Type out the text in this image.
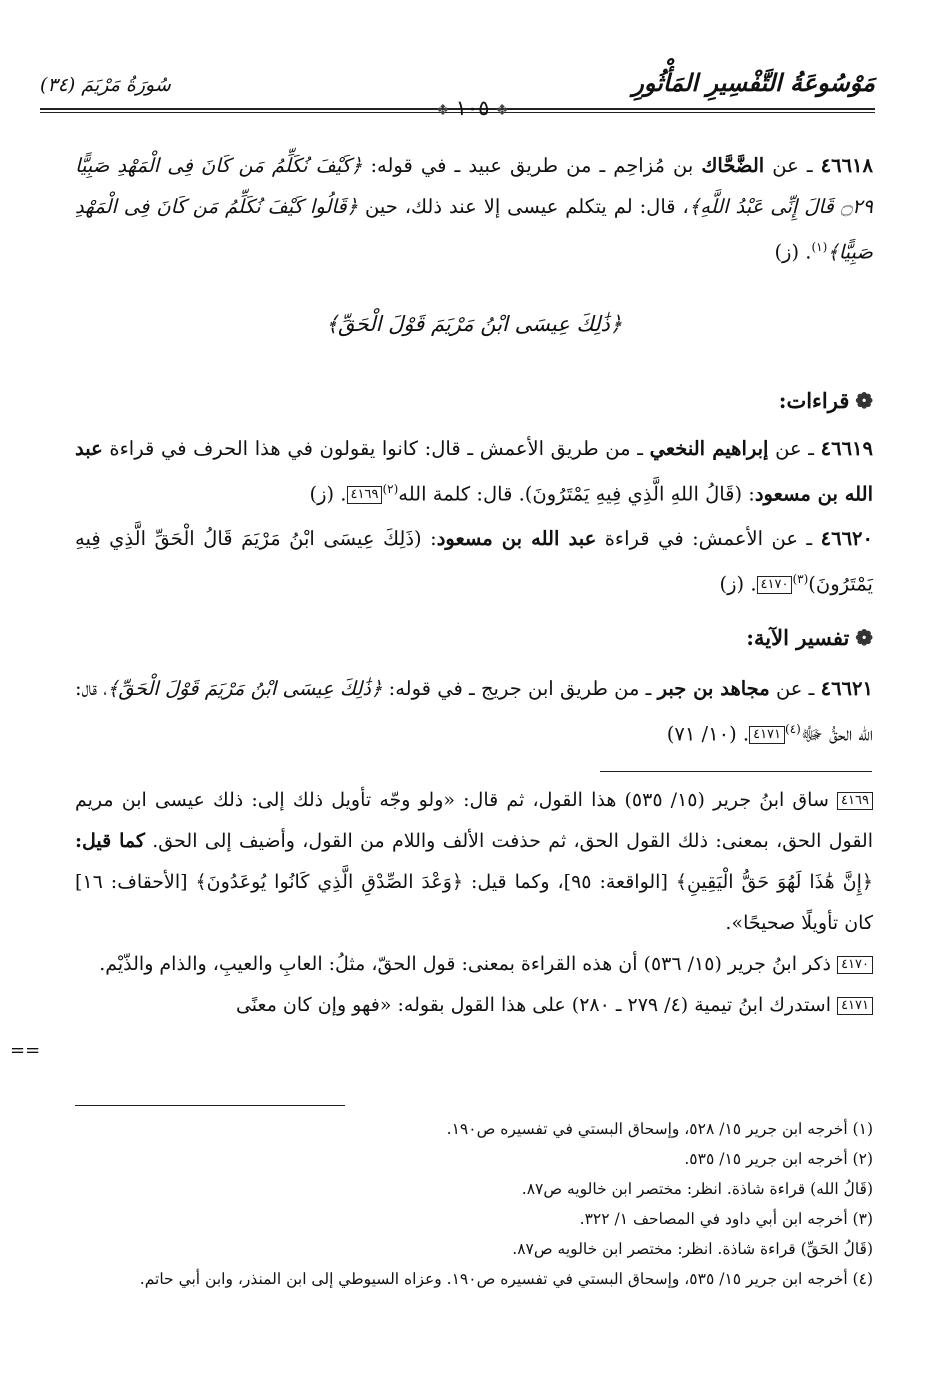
مَوْسُوعَةُ التَّفْسِيرِ المَأْثُورِ
سُورَةُ مَرْيَمَ (٣٤)
❖ ١٠٥ ❖

٤٦٦١٨ ـ عن الضَّحَّاك بن مُزاحِم ـ من طريق عبيد ـ في قوله: ﴿كَيْفَ نُكَلِّمُ مَن كَانَ فِى الْمَهْدِ صَبِيًّا ۝٢٩ قَالَ إِنِّى عَبْدُ اللَّهِ﴾، قال: لم يتكلم عيسى إلا عند ذلك، حين ﴿قَالُوا كَيْفَ نُكَلِّمُ مَن كَانَ فِى الْمَهْدِ صَبِيًّا﴾$^{(١)}$. (ز)

﴿ذَٰلِكَ عِيسَى ابْنُ مَرْيَمَ قَوْلَ الْحَقِّ﴾

❁قراءات:

٤٦٦١٩ ـ عن إبراهيم النخعي ـ من طريق الأعمش ـ قال: كانوا يقولون في هذا الحرف في قراءة عبد الله بن مسعود: (قَالُ اللهِ الَّذِي فِيهِ يَمْتَرُونَ). قال: كلمة الله$^{(٢)}$٤١٦٩. (ز)

٤٦٦٢٠ ـ عن الأعمش: في قراءة عبد الله بن مسعود: (ذَلِكَ عِيسَى ابْنُ مَرْيَمَ قَالُ الْحَقِّ الَّذِي فِيهِ يَمْتَرُونَ)$^{(٣)}$٤١٧٠. (ز)

❁تفسير الآية:

٤٦٦٢١ ـ عن مجاهد بن جبر ـ من طريق ابن جريج ـ في قوله: ﴿ذَٰلِكَ عِيسَى ابْنُ مَرْيَمَ قَوْلَ الْحَقِّ﴾، قال: الله الحقُّ ﷻ$^{(٤)}$٤١٧١. (١٠/ ٧١)

٤١٦٩ ساق ابنُ جرير (١٥/ ٥٣٥) هذا القول، ثم قال: «ولو وجّه تأويل ذلك إلى: ذلك عيسى ابن مريم القول الحق، بمعنى: ذلك القول الحق، ثم حذفت الألف واللام من القول، وأضيف إلى الحق. كما قيل: ﴿إِنَّ هَٰذَا لَهُوَ حَقُّ الْيَقِينِ﴾ [الواقعة: ٩٥]، وكما قيل: ﴿وَعْدَ الصِّدْقِ الَّذِي كَانُوا يُوعَدُونَ﴾ [الأحقاف: ١٦] كان تأويلًا صحيحًا».

٤١٧٠ ذكر ابنُ جرير (١٥/ ٥٣٦) أن هذه القراءة بمعنى: قول الحقّ، مثلُ: العابِ والعيبِ، والذام والذّيْم.

٤١٧١ استدرك ابنُ تيمية (٤/ ٢٧٩ ـ ٢٨٠) على هذا القول بقوله: «فهو وإن كان معنًى

==

(١) أخرجه ابن جرير ١٥/ ٥٢٨، وإسحاق البستي في تفسيره ص١٩٠.

(٢) أخرجه ابن جرير ١٥/ ٥٣٥.

(قَالُ الله) قراءة شاذة. انظر: مختصر ابن خالويه ص٨٧.

(٣) أخرجه ابن أبي داود في المصاحف ١/ ٣٢٢.

(قَالُ الحَقِّ) قراءة شاذة. انظر: مختصر ابن خالويه ص٨٧.

(٤) أخرجه ابن جرير ١٥/ ٥٣٥، وإسحاق البستي في تفسيره ص١٩٠. وعزاه السيوطي إلى ابن المنذر، وابن أبي حاتم.
